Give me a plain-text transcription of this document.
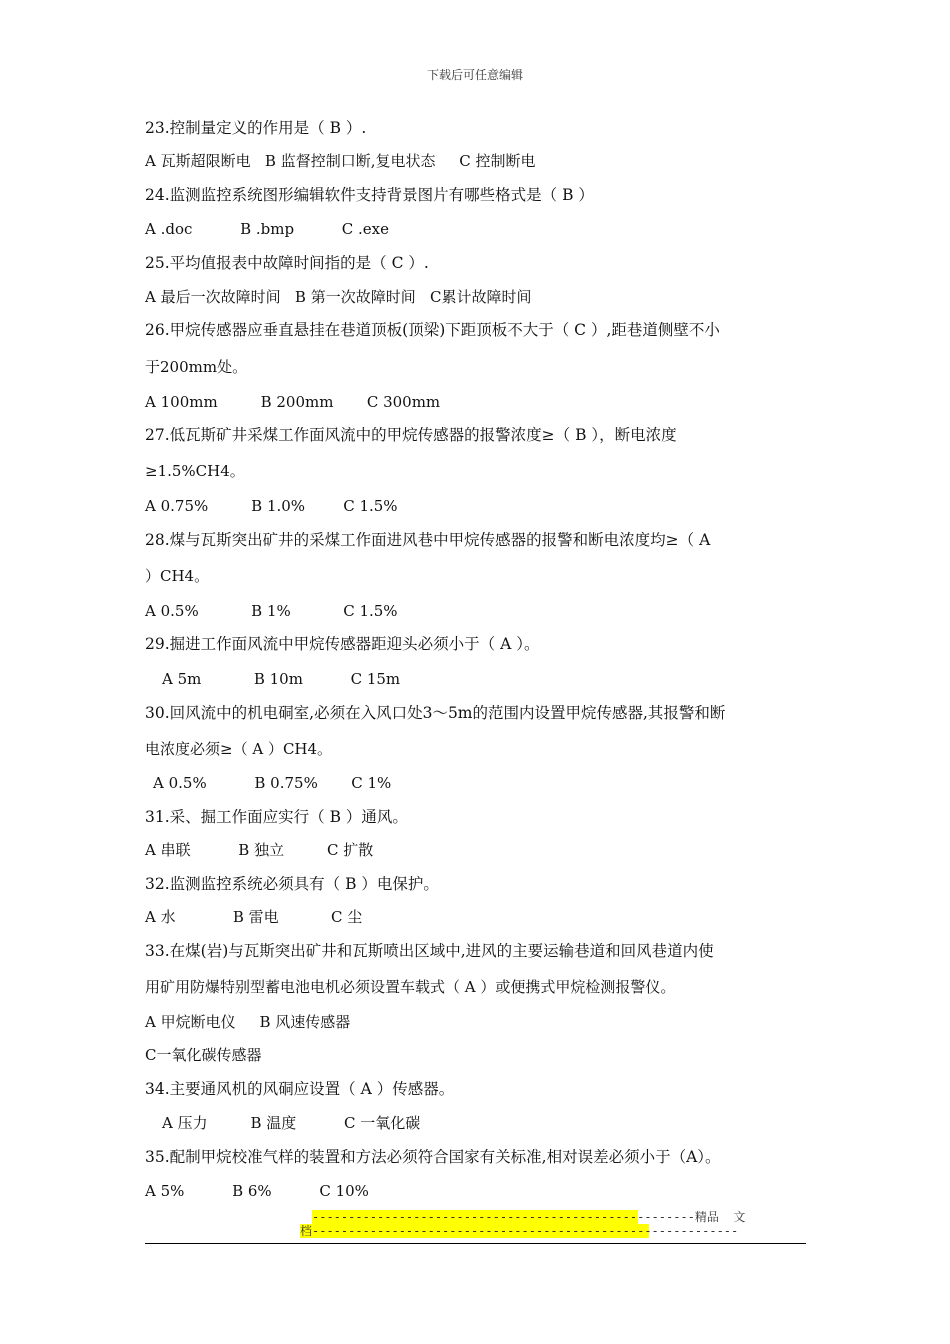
下载后可任意编辑
23.控制量定义的作用是（ B ）.
A 瓦斯超限断电   B 监督控制口断,复电状态     C 控制断电
24.监测监控系统图形编辑软件支持背景图片有哪些格式是（ B ）
A .doc          B .bmp          C .exe
25.平均值报表中故障时间指的是（ C ）.
A 最后一次故障时间   B 第一次故障时间   C累计故障时间
26.甲烷传感器应垂直悬挂在巷道顶板(顶梁)下距顶板不大于（ C ）,距巷道侧壁不小
于200mm处。
A 100mm         B 200mm       C 300mm
27.低瓦斯矿井采煤工作面风流中的甲烷传感器的报警浓度≥（ B ），断电浓度
≥1.5%CH4。
A 0.75%         B 1.0%        C 1.5%
28.煤与瓦斯突出矿井的采煤工作面进风巷中甲烷传感器的报警和断电浓度均≥（ A
）CH4。
A 0.5%           B 1%           C 1.5%
29.掘进工作面风流中甲烷传感器距迎头必须小于（ A ）。
A 5m           B 10m          C 15m
30.回风流中的机电硐室,必须在入风口处3～5m的范围内设置甲烷传感器,其报警和断
电浓度必须≥（ A ）CH4。
A 0.5%          B 0.75%       C 1%
31.采、掘工作面应实行（ B ）通风。
A 串联          B 独立         C 扩散
32.监测监控系统必须具有（ B ）电保护。
A 水            B 雷电           C 尘
33.在煤(岩)与瓦斯突出矿井和瓦斯喷出区域中,进风的主要运输巷道和回风巷道内使
用矿用防爆特别型蓄电池电机必须设置车载式（ A ）或便携式甲烷检测报警仪。
A 甲烷断电仪     B 风速传感器
C一氧化碳传感器
34.主要通风机的风硐应设置（ A ）传感器。
A 压力         B 温度          C 一氧化碳
35.配制甲烷校准气样的装置和方法必须符合国家有关标准,相对误差必须小于（A）。
A 5%          B 6%          C 10%
-----------------------------------------------------精品  文
档-----------------------------------------------------------
